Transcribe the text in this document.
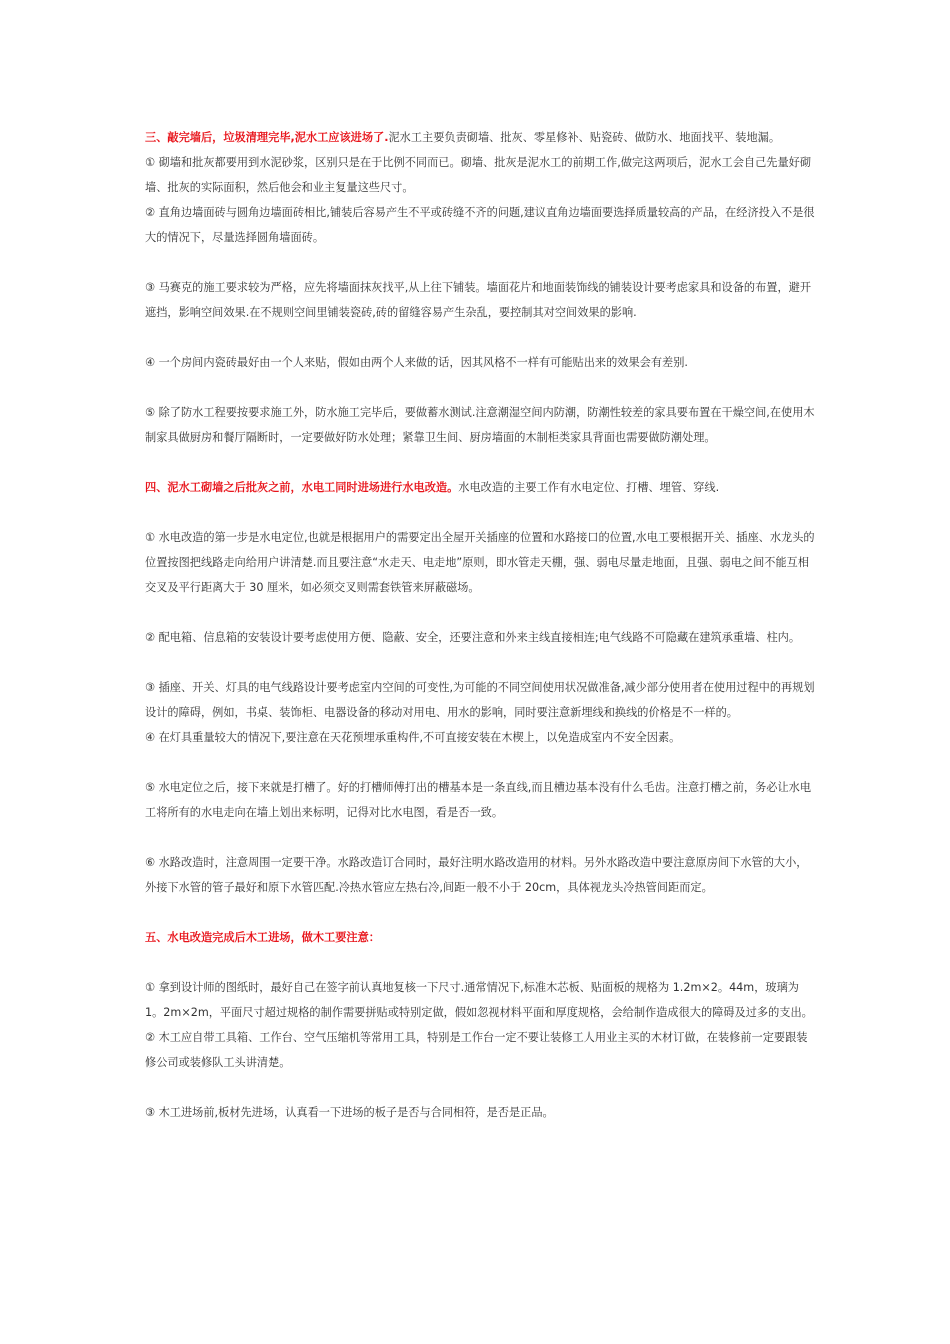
三、敲完墙后，垃圾清理完毕,泥水工应该进场了.泥水工主要负责砌墙、批灰、零星修补、贴瓷砖、做防水、地面找平、装地漏。

① 砌墙和批灰都要用到水泥砂浆，区别只是在于比例不同而已。砌墙、批灰是泥水工的前期工作,做完这两项后，泥水工会自己先量好砌墙、批灰的实际面积，然后他会和业主复量这些尺寸。

② 直角边墙面砖与圆角边墙面砖相比,铺装后容易产生不平或砖缝不齐的问题,建议直角边墙面要选择质量较高的产品，在经济投入不是很大的情况下，尽量选择圆角墙面砖。

③ 马赛克的施工要求较为严格，应先将墙面抹灰找平,从上往下铺装。墙面花片和地面装饰线的铺装设计要考虑家具和设备的布置，避开遮挡，影响空间效果.在不规则空间里铺装瓷砖,砖的留缝容易产生杂乱，要控制其对空间效果的影响.

④ 一个房间内瓷砖最好由一个人来贴，假如由两个人来做的话，因其风格不一样有可能贴出来的效果会有差别.

⑤ 除了防水工程要按要求施工外，防水施工完毕后，要做蓄水测试.注意潮湿空间内防潮，防潮性较差的家具要布置在干燥空间,在使用木制家具做厨房和餐厅隔断时，一定要做好防水处理；紧靠卫生间、厨房墙面的木制柜类家具背面也需要做防潮处理。

四、泥水工砌墙之后批灰之前，水电工同时进场进行水电改造。水电改造的主要工作有水电定位、打槽、埋管、穿线.

① 水电改造的第一步是水电定位,也就是根据用户的需要定出全屋开关插座的位置和水路接口的位置,水电工要根据开关、插座、水龙头的位置按图把线路走向给用户讲清楚.而且要注意“水走天、电走地”原则，即水管走天棚，强、弱电尽量走地面，且强、弱电之间不能互相交叉及平行距离大于 30 厘米，如必须交叉则需套铁管来屏蔽磁场。

② 配电箱、信息箱的安装设计要考虑使用方便、隐蔽、安全，还要注意和外来主线直接相连;电气线路不可隐藏在建筑承重墙、柱内。

③ 插座、开关、灯具的电气线路设计要考虑室内空间的可变性,为可能的不同空间使用状况做准备,减少部分使用者在使用过程中的再规划设计的障碍，例如，书桌、装饰柜、电器设备的移动对用电、用水的影响，同时要注意新埋线和换线的价格是不一样的。

④ 在灯具重量较大的情况下,要注意在天花预埋承重构件,不可直接安装在木楔上，以免造成室内不安全因素。

⑤ 水电定位之后，接下来就是打槽了。好的打槽师傅打出的槽基本是一条直线,而且槽边基本没有什么毛齿。注意打槽之前，务必让水电工将所有的水电走向在墙上划出来标明，记得对比水电图，看是否一致。

⑥ 水路改造时，注意周围一定要干净。水路改造订合同时，最好注明水路改造用的材料。另外水路改造中要注意原房间下水管的大小，外接下水管的管子最好和原下水管匹配.冷热水管应左热右冷,间距一般不小于 20cm，具体视龙头冷热管间距而定。

五、水电改造完成后木工进场，做木工要注意：

① 拿到设计师的图纸时，最好自己在签字前认真地复核一下尺寸.通常情况下,标准木芯板、贴面板的规格为 1.2m×2。44m，玻璃为 1。2m×2m，平面尺寸超过规格的制作需要拼贴或特别定做，假如忽视材料平面和厚度规格，会给制作造成很大的障碍及过多的支出。

② 木工应自带工具箱、工作台、空气压缩机等常用工具，特别是工作台一定不要让装修工人用业主买的木材订做，在装修前一定要跟装修公司或装修队工头讲清楚。

③ 木工进场前,板材先进场，认真看一下进场的板子是否与合同相符，是否是正品。
